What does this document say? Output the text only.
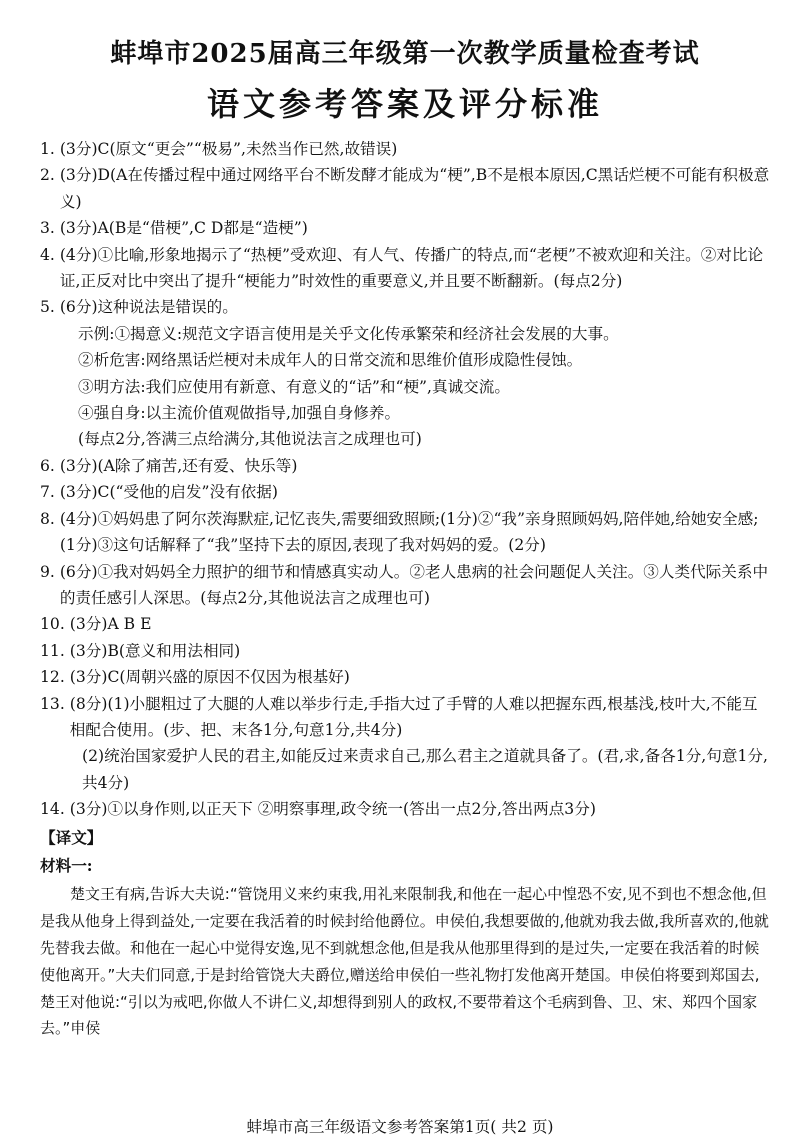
蚌埠市2025届高三年级第一次教学质量检查考试
语文参考答案及评分标准
1. (3分)C(原文“更会”“极易”,未然当作已然,故错误)
2. (3分)D(A在传播过程中通过网络平台不断发酵才能成为“梗”,B不是根本原因,C黑话烂梗不可能有积极意义)
3. (3分)A(B是“借梗”,C D都是“造梗”)
4. (4分)①比喻,形象地揭示了“热梗”受欢迎、有人气、传播广的特点,而“老梗”不被欢迎和关注。②对比论证,正反对比中突出了提升“梗能力”时效性的重要意义,并且要不断翻新。(每点2分)
5. (6分)这种说法是错误的。
示例:①揭意义:规范文字语言使用是关乎文化传承繁荣和经济社会发展的大事。
②析危害:网络黑话烂梗对未成年人的日常交流和思维价值形成隐性侵蚀。
③明方法:我们应使用有新意、有意义的“话”和“梗”,真诚交流。
④强自身:以主流价值观做指导,加强自身修养。
(每点2分,答满三点给满分,其他说法言之成理也可)
6. (3分)(A除了痛苦,还有爱、快乐等)
7. (3分)C(“受他的启发”没有依据)
8. (4分)①妈妈患了阿尔茨海默症,记忆丧失,需要细致照顾;(1分)②“我”亲身照顾妈妈,陪伴她,给她安全感;(1分)③这句话解释了“我”坚持下去的原因,表现了我对妈妈的爱。(2分)
9. (6分)①我对妈妈全力照护的细节和情感真实动人。②老人患病的社会问题促人关注。③人类代际关系中的责任感引人深思。(每点2分,其他说法言之成理也可)
10. (3分)A B E
11. (3分)B(意义和用法相同)
12. (3分)C(周朝兴盛的原因不仅因为根基好)
13. (8分)(1)小腿粗过了大腿的人难以举步行走,手指大过了手臂的人难以把握东西,根基浅,枝叶大,不能互相配合使用。(步、把、末各1分,句意1分,共4分)
(2)统治国家爱护人民的君主,如能反过来责求自己,那么君主之道就具备了。(君,求,备各1分,句意1分,共4分)
14. (3分)①以身作则,以正天下 ②明察事理,政令统一(答出一点2分,答出两点3分)
【译文】
材料一:
楚文王有病,告诉大夫说:“管饶用义来约束我,用礼来限制我,和他在一起心中惶恐不安,见不到也不想念他,但是我从他身上得到益处,一定要在我活着的时候封给他爵位。申侯伯,我想要做的,他就劝我去做,我所喜欢的,他就先替我去做。和他在一起心中觉得安逸,见不到就想念他,但是我从他那里得到的是过失,一定要在我活着的时候使他离开。”大夫们同意,于是封给管饶大夫爵位,赠送给申侯伯一些礼物打发他离开楚国。申侯伯将要到郑国去,楚王对他说:“引以为戒吧,你做人不讲仁义,却想得到别人的政权,不要带着这个毛病到鲁、卫、宋、郑四个国家去。”申侯
蚌埠市高三年级语文参考答案第1页( 共2 页)
